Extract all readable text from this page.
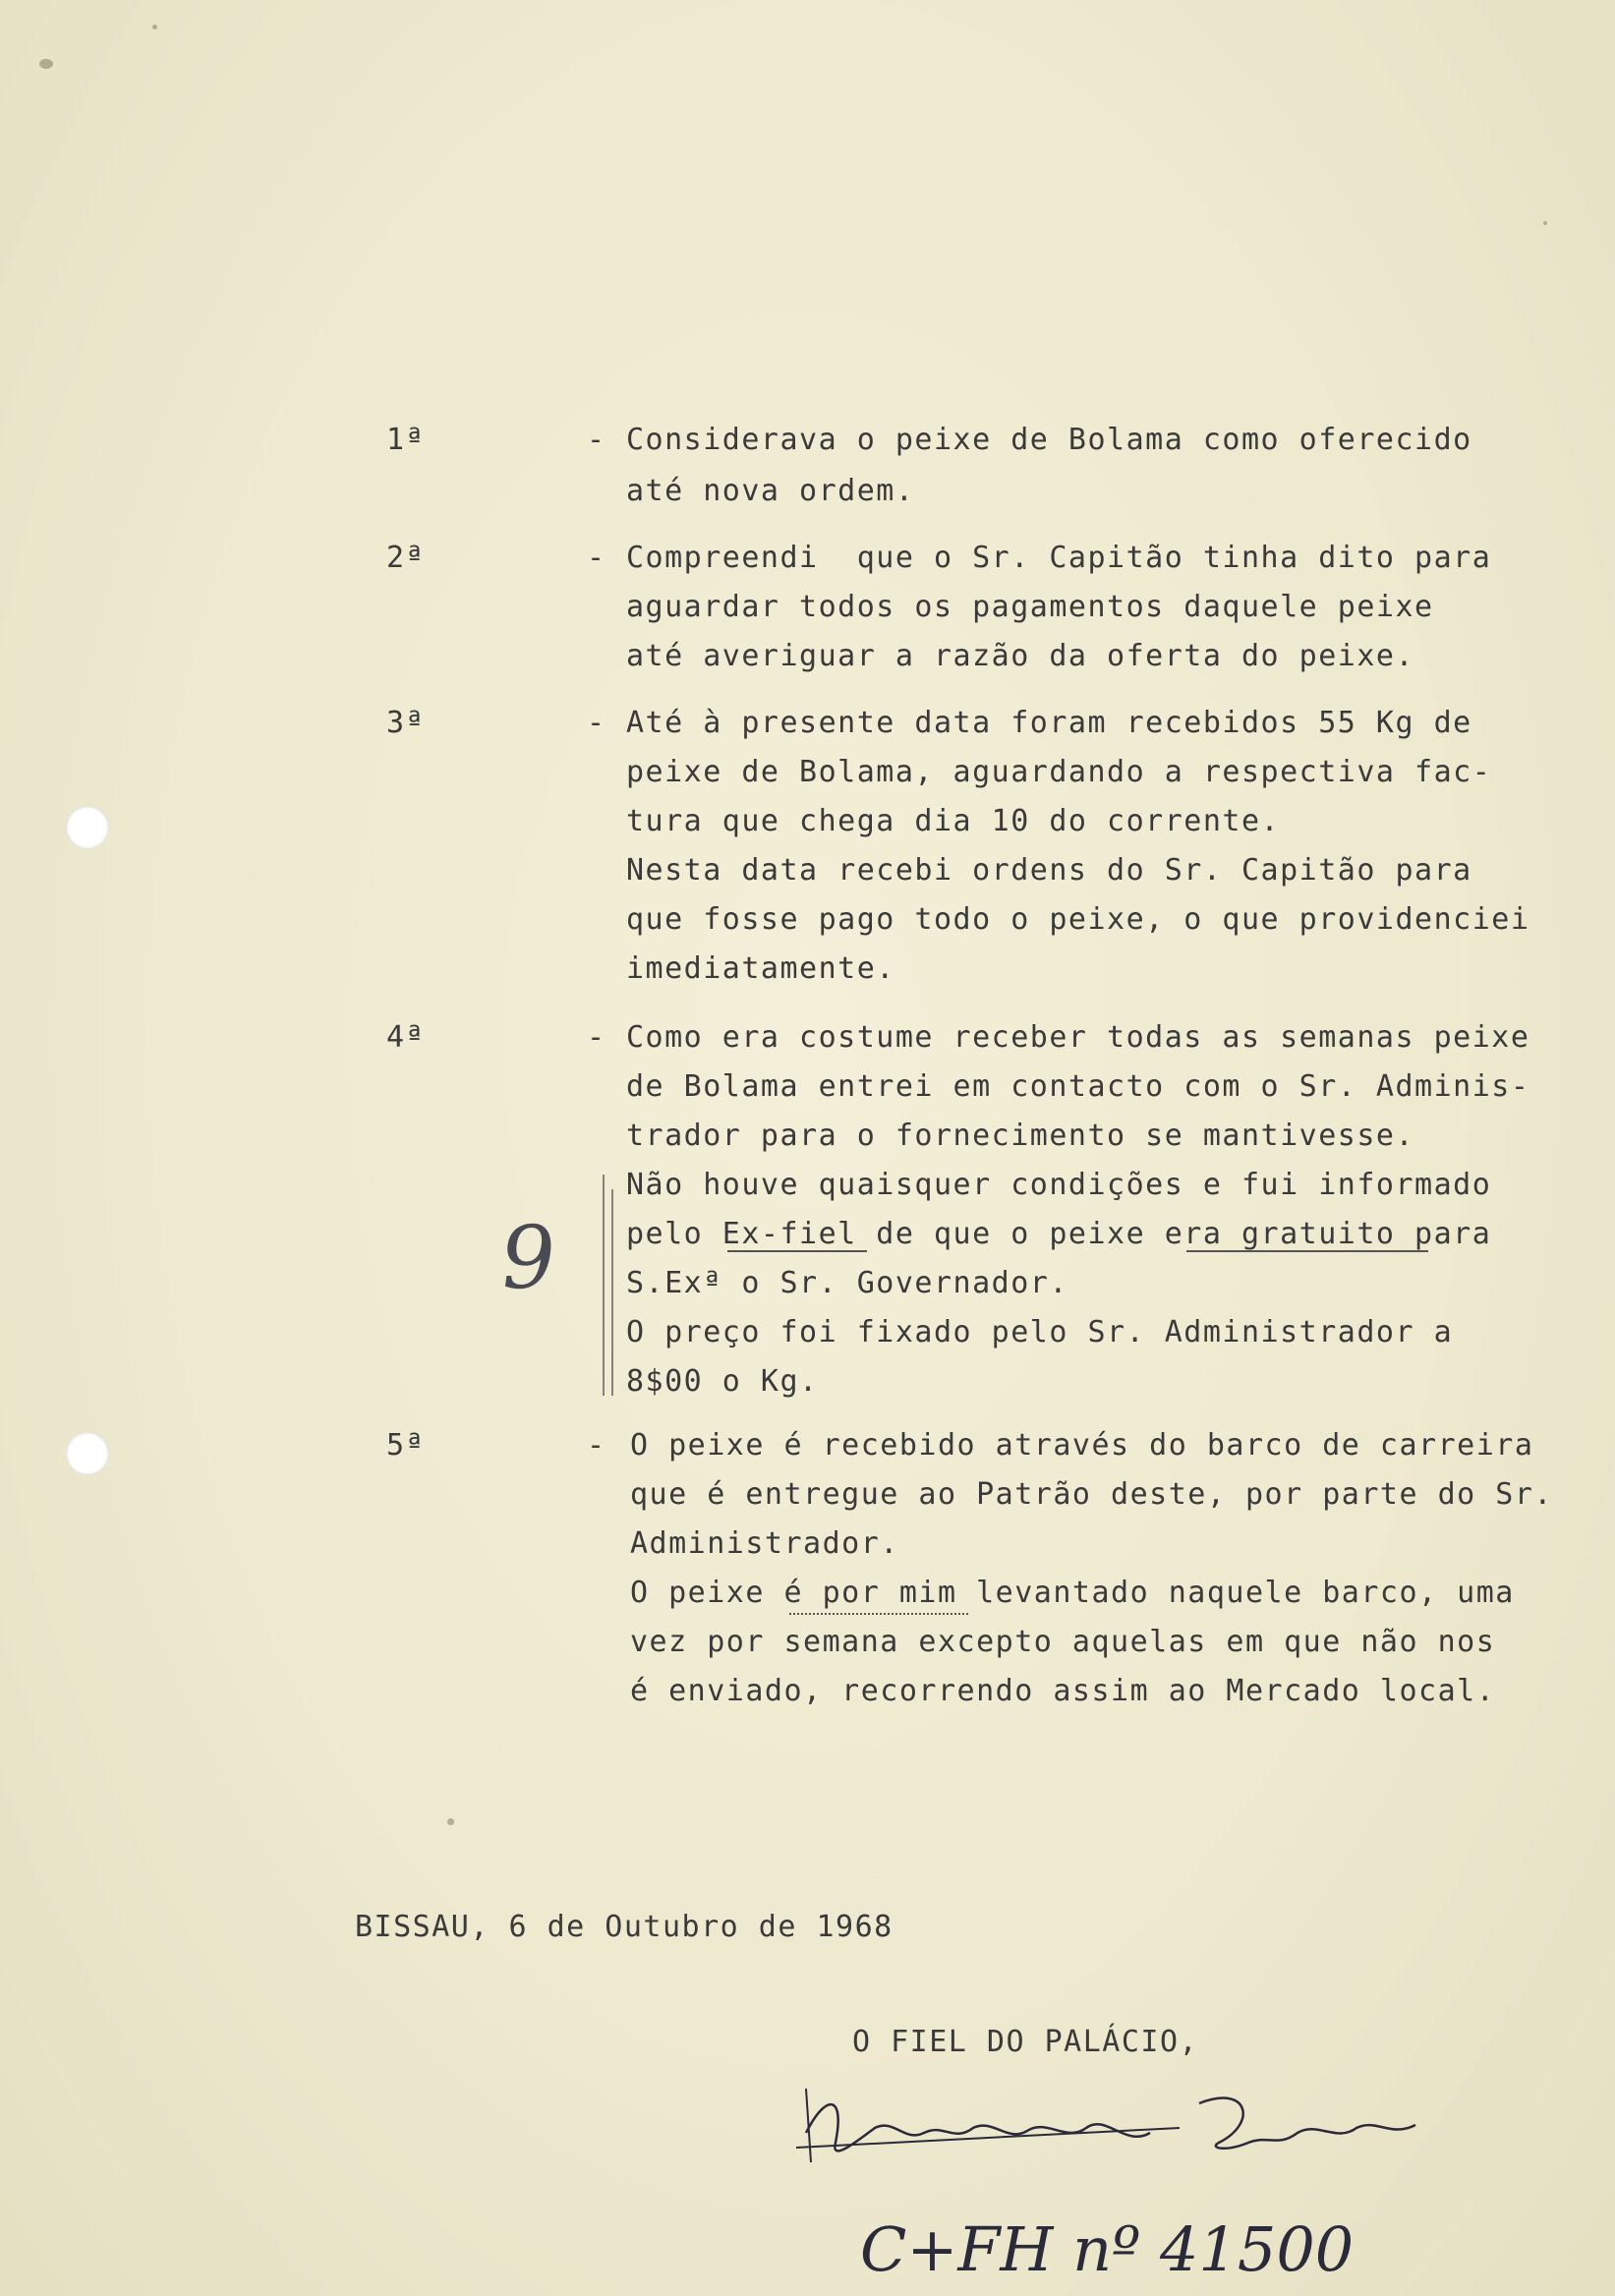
1ª	- Considerava o peixe de Bolama como oferecido
até nova ordem.
2ª	- Compreendi  que o Sr. Capitão tinha dito para
aguardar todos os pagamentos daquele peixe
até averiguar a razão da oferta do peixe.
3ª	- Até à presente data foram recebidos 55 Kg de
peixe de Bolama, aguardando a respectiva fac-
tura que chega dia 10 do corrente.
Nesta data recebi ordens do Sr. Capitão para
que fosse pago todo o peixe, o que providenciei
imediatamente.
4ª	- Como era costume receber todas as semanas peixe
de Bolama entrei em contacto com o Sr. Adminis-
trador para o fornecimento se mantivesse.
Não houve quaisquer condições e fui informado
pelo Ex-fiel de que o peixe era gratuito para
S.Exª o Sr. Governador.
O preço foi fixado pelo Sr. Administrador a
8$00 o Kg.
9
5ª	- O peixe é recebido através do barco de carreira
que é entregue ao Patrão deste, por parte do Sr.
Administrador.
O peixe é por mim levantado naquele barco, uma
vez por semana excepto aquelas em que não nos
é enviado, recorrendo assim ao Mercado local.
BISSAU, 6 de Outubro de 1968
O FIEL DO PALÁCIO,
C+FH nº 41500
